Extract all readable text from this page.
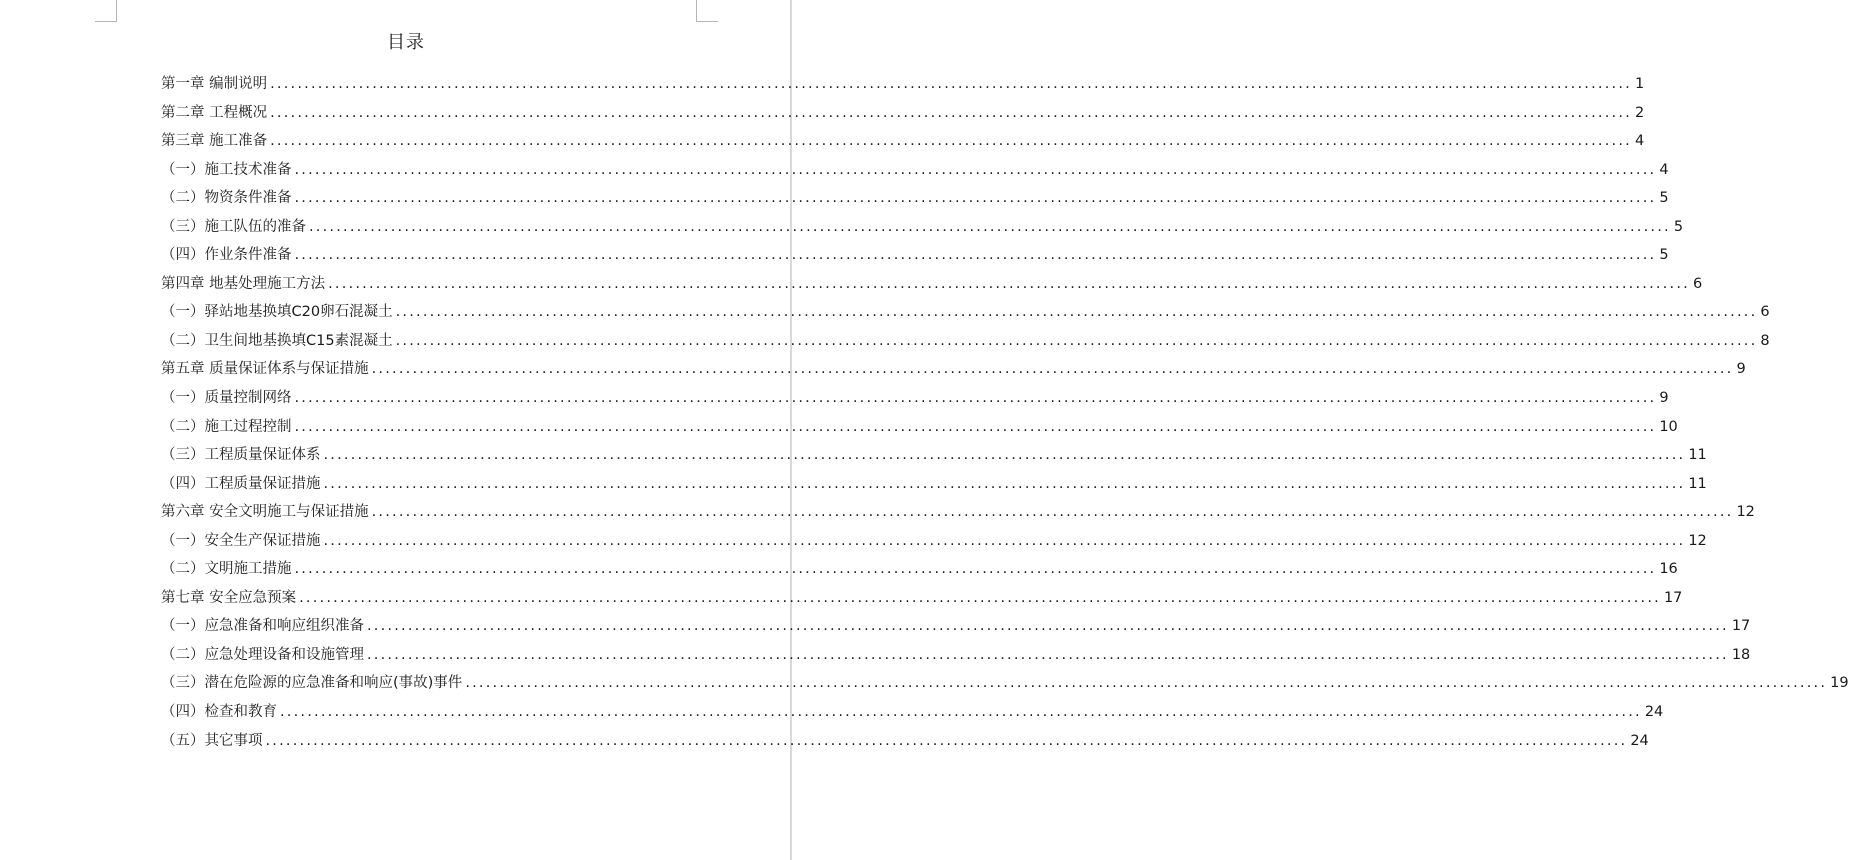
目录
第一章 编制说明 ........................................................................................................................................................................................................ 1
第二章 工程概况 ........................................................................................................................................................................................................ 2
第三章 施工准备 ........................................................................................................................................................................................................ 4
（一）施工技术准备 ........................................................................................................................................................................................................ 4
（二）物资条件准备 ........................................................................................................................................................................................................ 5
（三）施工队伍的准备 ........................................................................................................................................................................................................ 5
（四）作业条件准备 ........................................................................................................................................................................................................ 5
第四章 地基处理施工方法 ........................................................................................................................................................................................................ 6
（一）驿站地基换填C20卵石混凝土 ........................................................................................................................................................................................................ 6
（二）卫生间地基换填C15素混凝土 ........................................................................................................................................................................................................ 8
第五章 质量保证体系与保证措施 ........................................................................................................................................................................................................ 9
（一）质量控制网络 ........................................................................................................................................................................................................ 9
（二）施工过程控制 ........................................................................................................................................................................................................ 10
（三）工程质量保证体系 ........................................................................................................................................................................................................ 11
（四）工程质量保证措施 ........................................................................................................................................................................................................ 11
第六章 安全文明施工与保证措施 ........................................................................................................................................................................................................ 12
（一）安全生产保证措施 ........................................................................................................................................................................................................ 12
（二）文明施工措施 ........................................................................................................................................................................................................ 16
第七章 安全应急预案 ........................................................................................................................................................................................................ 17
（一）应急准备和响应组织准备 ........................................................................................................................................................................................................ 17
（二）应急处理设备和设施管理 ........................................................................................................................................................................................................ 18
（三）潜在危险源的应急准备和响应(事故)事件 ........................................................................................................................................................................................................ 19
（四）检查和教育 ........................................................................................................................................................................................................ 24
（五）其它事项 ........................................................................................................................................................................................................ 24
